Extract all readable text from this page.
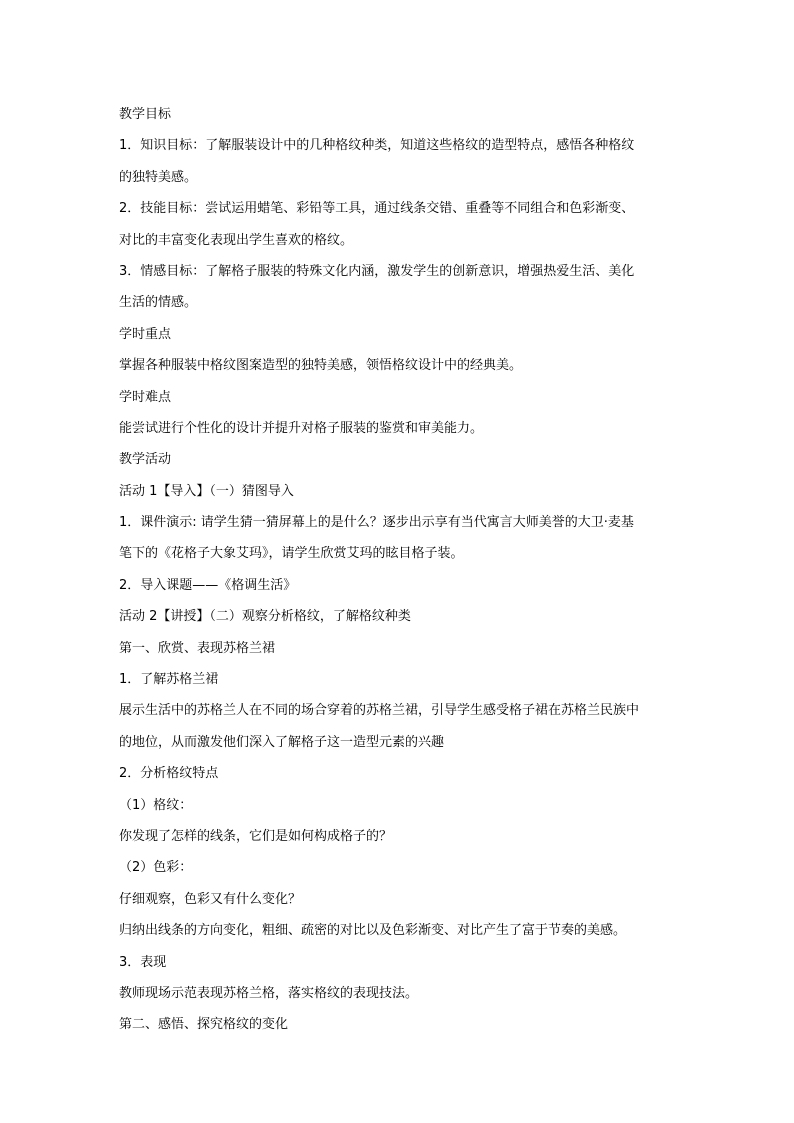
教学目标

1．知识目标：了解服装设计中的几种格纹种类，知道这些格纹的造型特点，感悟各种格纹

的独特美感。

2．技能目标：尝试运用蜡笔、彩铅等工具，通过线条交错、重叠等不同组合和色彩渐变、

对比的丰富变化表现出学生喜欢的格纹。

3．情感目标：了解格子服装的特殊文化内涵，激发学生的创新意识，增强热爱生活、美化

生活的情感。

学时重点

掌握各种服装中格纹图案造型的独特美感，领悟格纹设计中的经典美。

学时难点

能尝试进行个性化的设计并提升对格子服装的鉴赏和审美能力。

教学活动

活动 1【导入】（一）猜图导入

1．课件演示: 请学生猜一猜屏幕上的是什么？逐步出示享有当代寓言大师美誉的大卫·麦基

笔下的《花格子大象艾玛》，请学生欣赏艾玛的眩目格子装。

2．导入课题——《格调生活》

活动 2【讲授】（二）观察分析格纹，了解格纹种类

第一、欣赏、表现苏格兰裙

1．了解苏格兰裙

展示生活中的苏格兰人在不同的场合穿着的苏格兰裙，引导学生感受格子裙在苏格兰民族中

的地位，从而激发他们深入了解格子这一造型元素的兴趣

2．分析格纹特点

（1）格纹：

你发现了怎样的线条，它们是如何构成格子的？

（2）色彩：

仔细观察，色彩又有什么变化？

归纳出线条的方向变化，粗细、疏密的对比以及色彩渐变、对比产生了富于节奏的美感。

3．表现

教师现场示范表现苏格兰格，落实格纹的表现技法。

第二、感悟、探究格纹的变化
